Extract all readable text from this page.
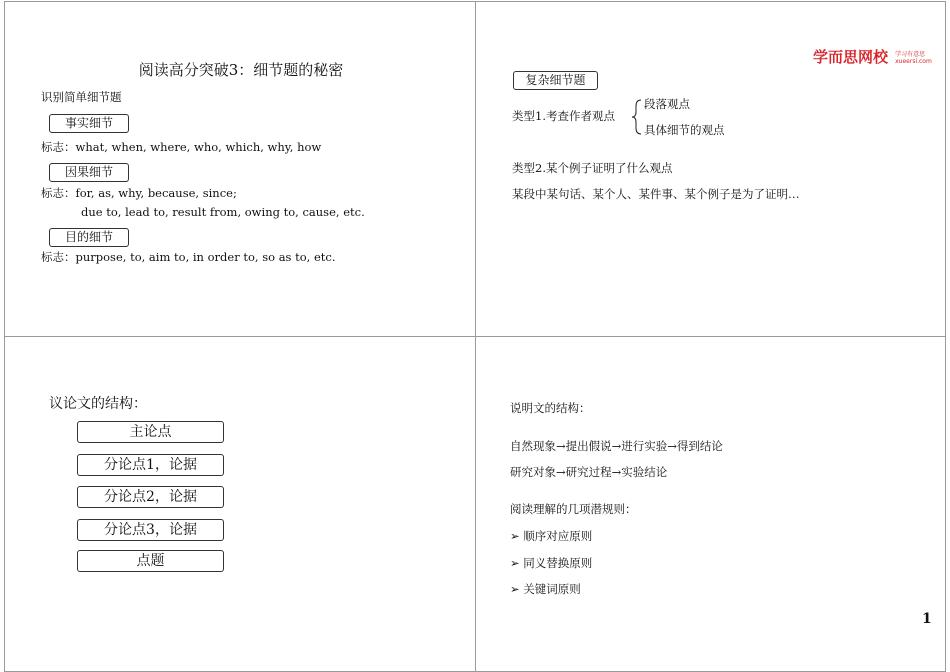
阅读高分突破3：细节题的秘密
识别简单细节题
事实细节
标志：what, when, where, who, which, why, how
因果细节
标志：for, as, why, because, since;
due to, lead to, result from, owing to, cause, etc.
目的细节
标志：purpose, to, aim to, in order to, so as to, etc.
学而思网校 学习有意思
xueersi.com
复杂细节题
类型1.考查作者观点
段落观点
具体细节的观点
类型2.某个例子证明了什么观点
某段中某句话、某个人、某件事、某个例子是为了证明…
议论文的结构：
主论点
分论点1，论据
分论点2，论据
分论点3，论据
点题
说明文的结构：
自然现象→提出假说→进行实验→得到结论
研究对象→研究过程→实验结论
阅读理解的几项潜规则：
➢ 顺序对应原则
➢ 同义替换原则
➢ 关键词原则
1
